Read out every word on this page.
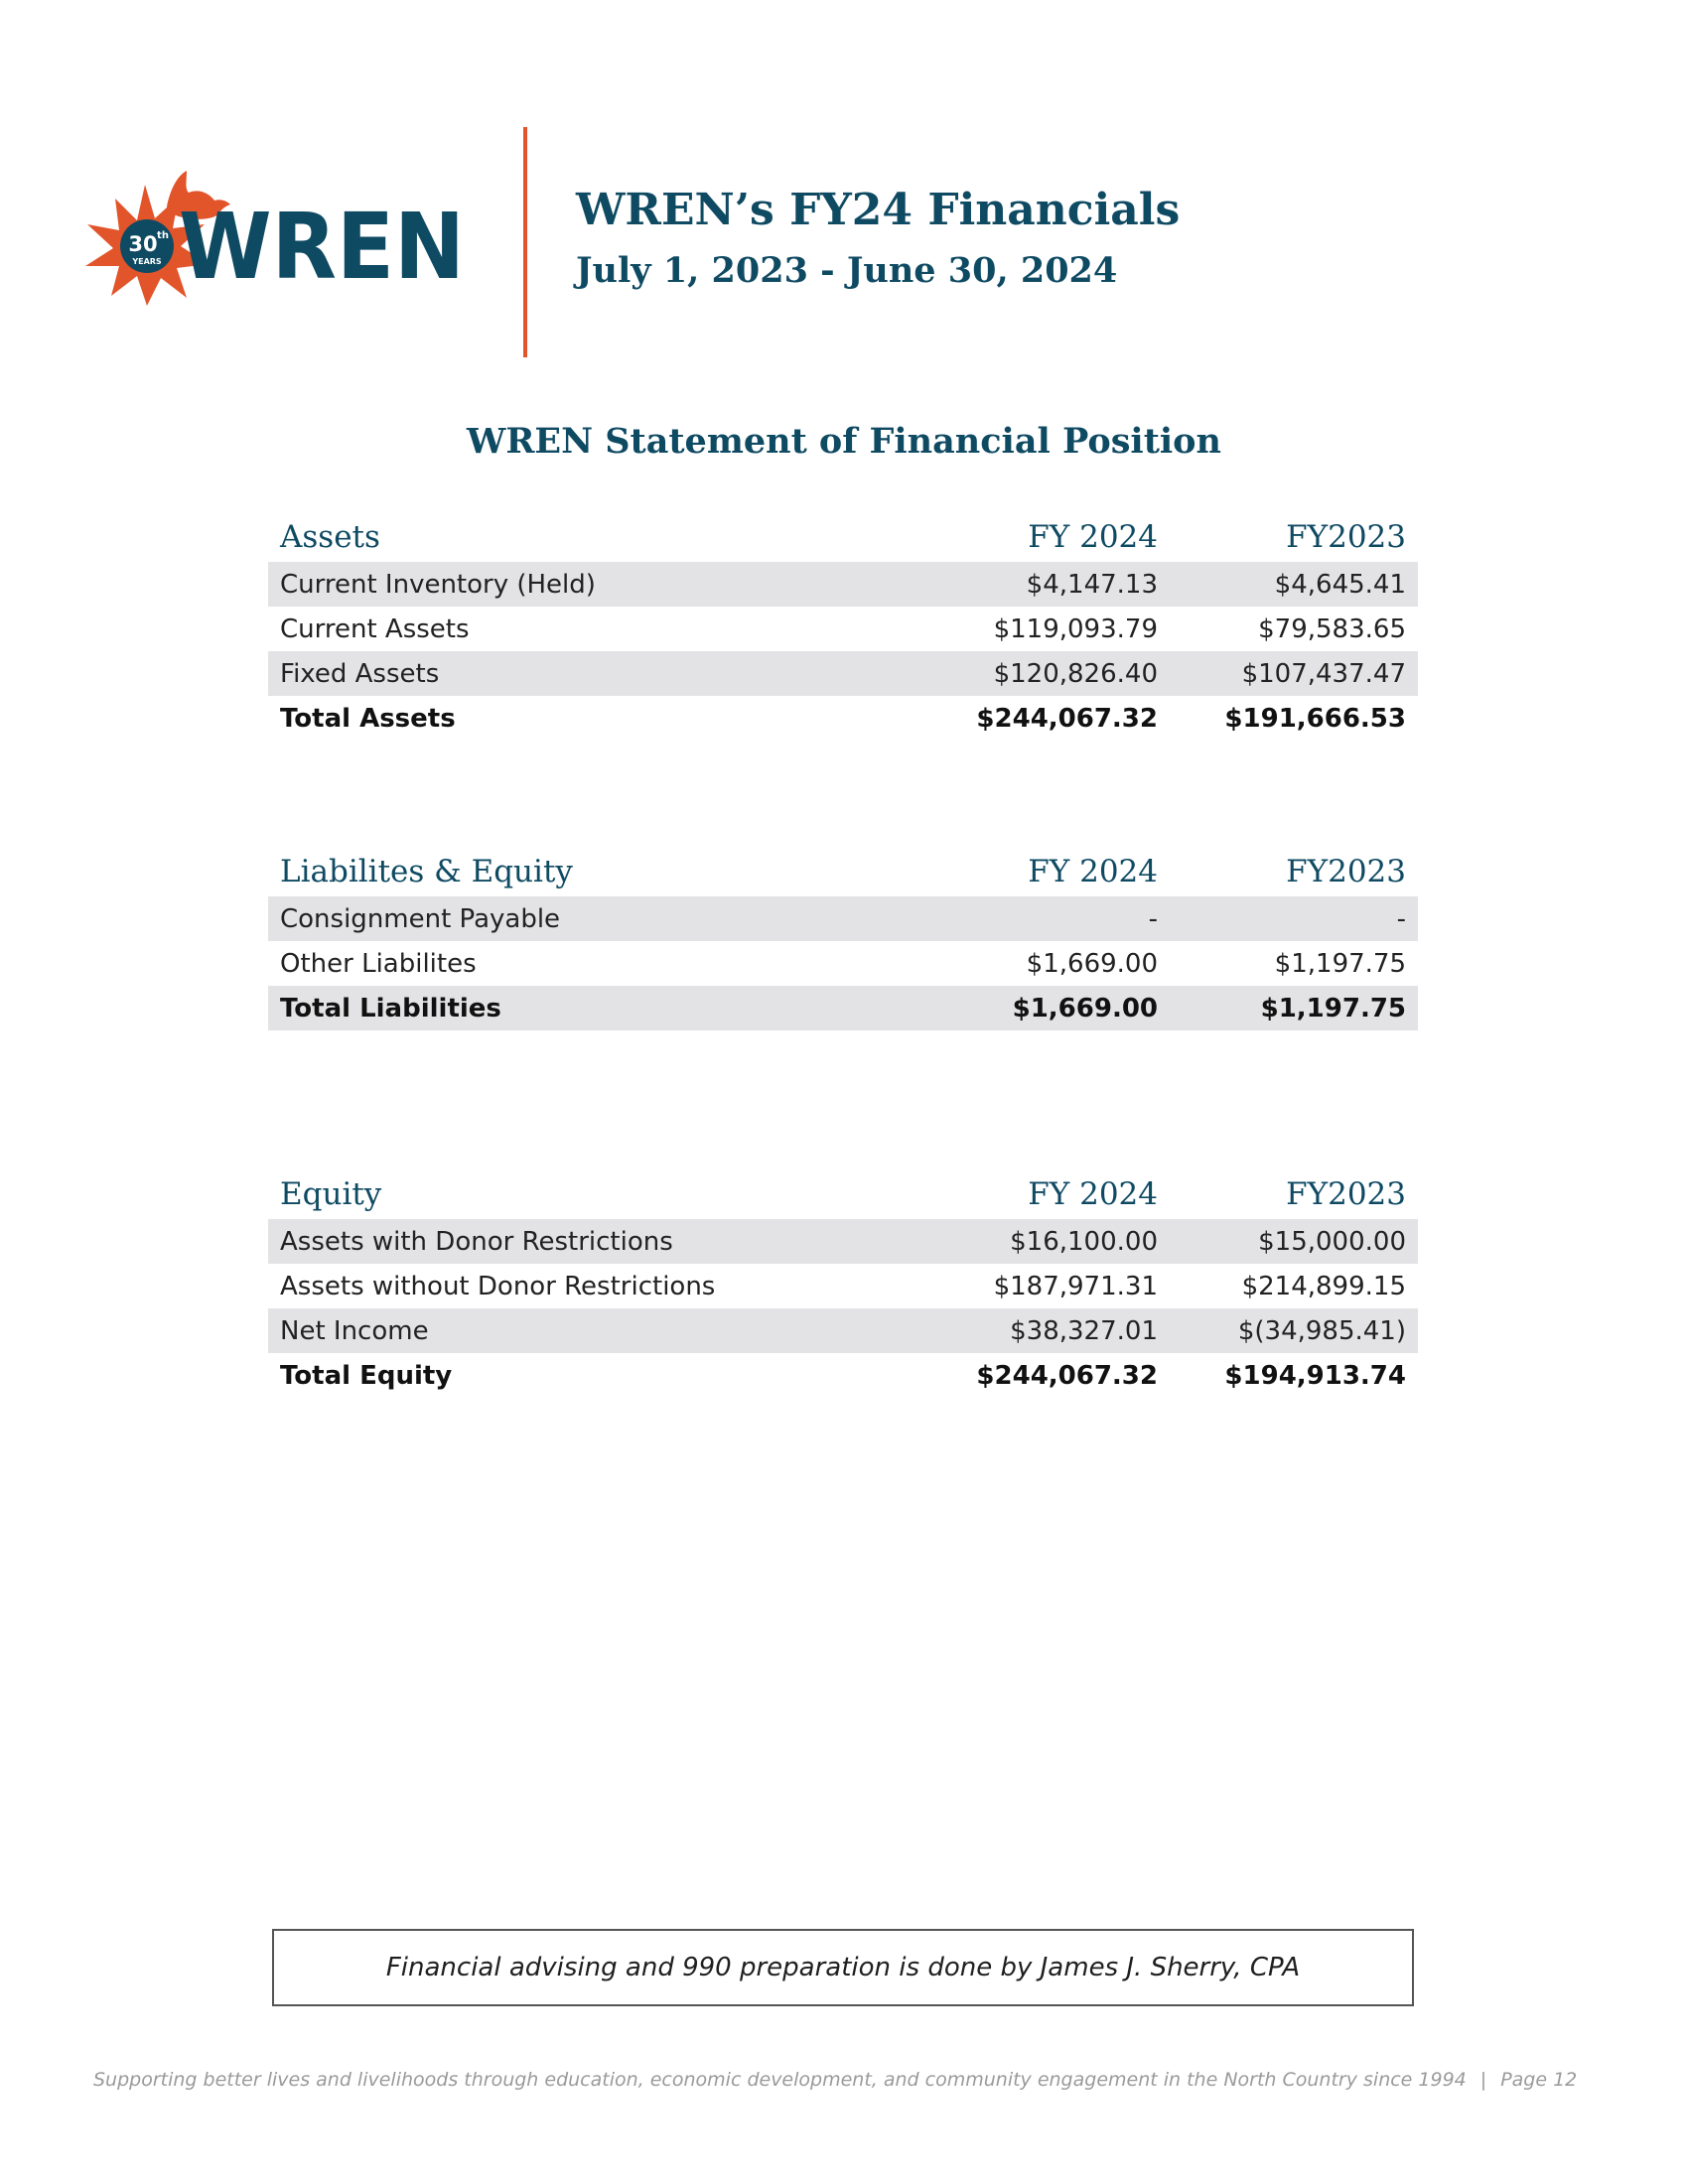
30 th
YEARS WREN	WREN’s FY24 Financials
July 1, 2023 - June 30, 2024
WREN Statement of Financial Position
Assets	FY 2024	FY2023
Current Inventory (Held)	$4,147.13	$4,645.41
Current Assets	$119,093.79	$79,583.65
Fixed Assets	$120,826.40	$107,437.47
Total Assets	$244,067.32	$191,666.53
Liabilites & Equity	FY 2024	FY2023
Consignment Payable	-	-
Other Liabilites	$1,669.00	$1,197.75
Total Liabilities	$1,669.00	$1,197.75
Equity	FY 2024	FY2023
Assets with Donor Restrictions	$16,100.00	$15,000.00
Assets without Donor Restrictions	$187,971.31	$214,899.15
Net Income	$38,327.01	$(34,985.41)
Total Equity	$244,067.32	$194,913.74
Financial advising and 990 preparation is done by James J. Sherry, CPA
Supporting better lives and livelihoods through education, economic development, and community engagement in the North Country since 1994 | Page 12
